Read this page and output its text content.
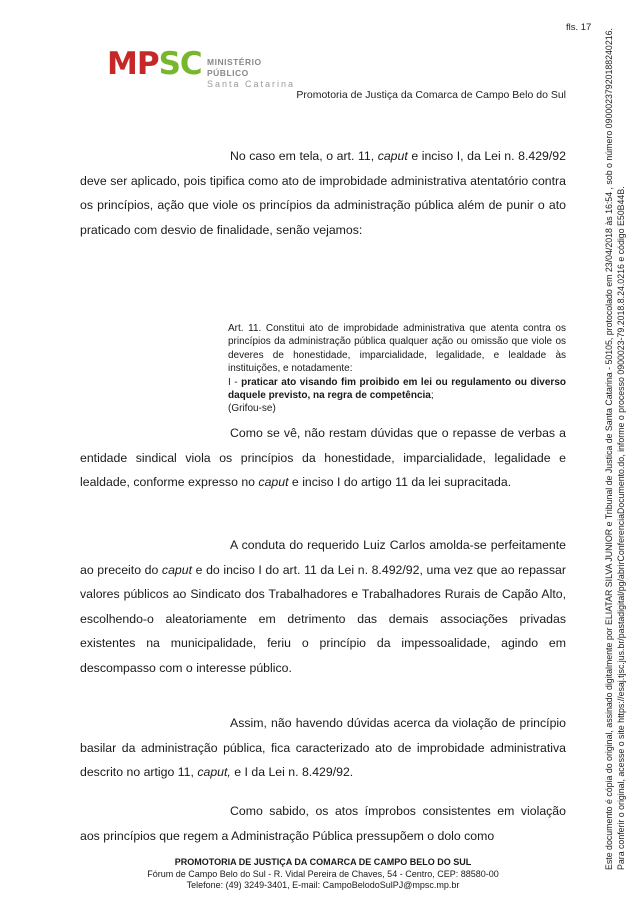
fls. 17
MPSC MINISTÉRIO PÚBLICO
Santa Catarina
Promotoria de Justiça da Comarca de Campo Belo do Sul

No caso em tela, o art. 11, caput e inciso I, da Lei n. 8.429/92 deve ser aplicado, pois tipifica como ato de improbidade administrativa atentatório contra os princípios, ação que viole os princípios da administração pública além de punir o ato praticado com desvio de finalidade, senão vejamos:

Art. 11. Constitui ato de improbidade administrativa que atenta contra os princípios da administração pública qualquer ação ou omissão que viole os deveres de honestidade, imparcialidade, legalidade, e lealdade às instituições, e notadamente:
I - praticar ato visando fim proibido em lei ou regulamento ou diverso daquele previsto, na regra de competência;
(Grifou-se)

Como se vê, não restam dúvidas que o repasse de verbas a entidade sindical viola os princípios da honestidade, imparcialidade, legalidade e lealdade, conforme expresso no caput e inciso I do artigo 11 da lei supracitada.

A conduta do requerido Luiz Carlos amolda-se perfeitamente ao preceito do caput e do inciso I do art. 11 da Lei n. 8.492/92, uma vez que ao repassar valores públicos ao Sindicato dos Trabalhadores e Trabalhadores Rurais de Capão Alto, escolhendo-o aleatoriamente em detrimento das demais associações privadas existentes na municipalidade, feriu o princípio da impessoalidade, agindo em descompasso com o interesse público.

Assim, não havendo dúvidas acerca da violação de princípio basilar da administração pública, fica caracterizado ato de improbidade administrativa descrito no artigo 11, caput, e I da Lei n. 8.429/92.

Como sabido, os atos ímprobos consistentes em violação aos princípios que regem a Administração Pública pressupõem o dolo como

PROMOTORIA DE JUSTIÇA DA COMARCA DE CAMPO BELO DO SUL
Fórum de Campo Belo do Sul - R. Vidal Pereira de Chaves, 54 - Centro, CEP: 88580-00
Telefone: (49) 3249-3401, E-mail: CampoBelodoSulPJ@mpsc.mp.br
Este documento é cópia do original, assinado digitalmente por ELIATAR SILVA JUNIOR e Tribunal de Justica de Santa Catarina - 50105, protocolado em 23/04/2018 às 16:54 , sob o número 09000237920188240216. Para conferir o original, acesse o site https://esaj.tjsc.jus.br/pastadigital/pg/abrirConferenciaDocumento.do, informe o processo 0900023-79.2018.8.24.0216 e código E50B44B.
